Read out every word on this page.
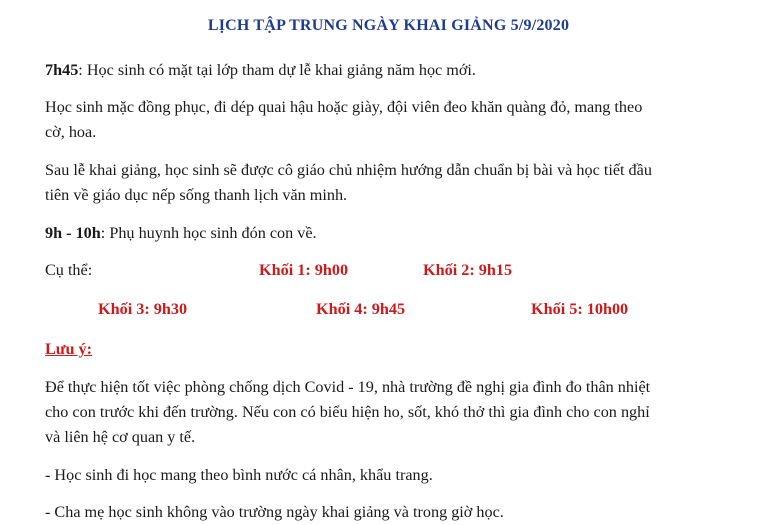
LỊCH TẬP TRUNG NGÀY KHAI GIẢNG 5/9/2020
7h45: Học sinh có mặt tại lớp tham dự lễ khai giảng năm học mới.
Học sinh mặc đồng phục, đi dép quai hậu hoặc giày, đội viên đeo khăn quàng đỏ, mang theo
cờ, hoa.
Sau lễ khai giảng, học sinh sẽ được cô giáo chủ nhiệm hướng dẫn chuẩn bị bài và học tiết đầu
tiên về giáo dục nếp sống thanh lịch văn minh.
9h - 10h: Phụ huynh học sinh đón con về.
Cụ thể:	Khối 1: 9h00	Khối 2: 9h15
Khối 3: 9h30	Khối 4: 9h45	Khối 5: 10h00
Lưu ý:
Để thực hiện tốt việc phòng chống dịch Covid - 19, nhà trường đề nghị gia đình đo thân nhiệt
cho con trước khi đến trường. Nếu con có biểu hiện ho, sốt, khó thở thì gia đình cho con nghỉ
và liên hệ cơ quan y tế.
- Học sinh đi học mang theo bình nước cá nhân, khẩu trang.
- Cha mẹ học sinh không vào trường ngày khai giảng và trong giờ học.
